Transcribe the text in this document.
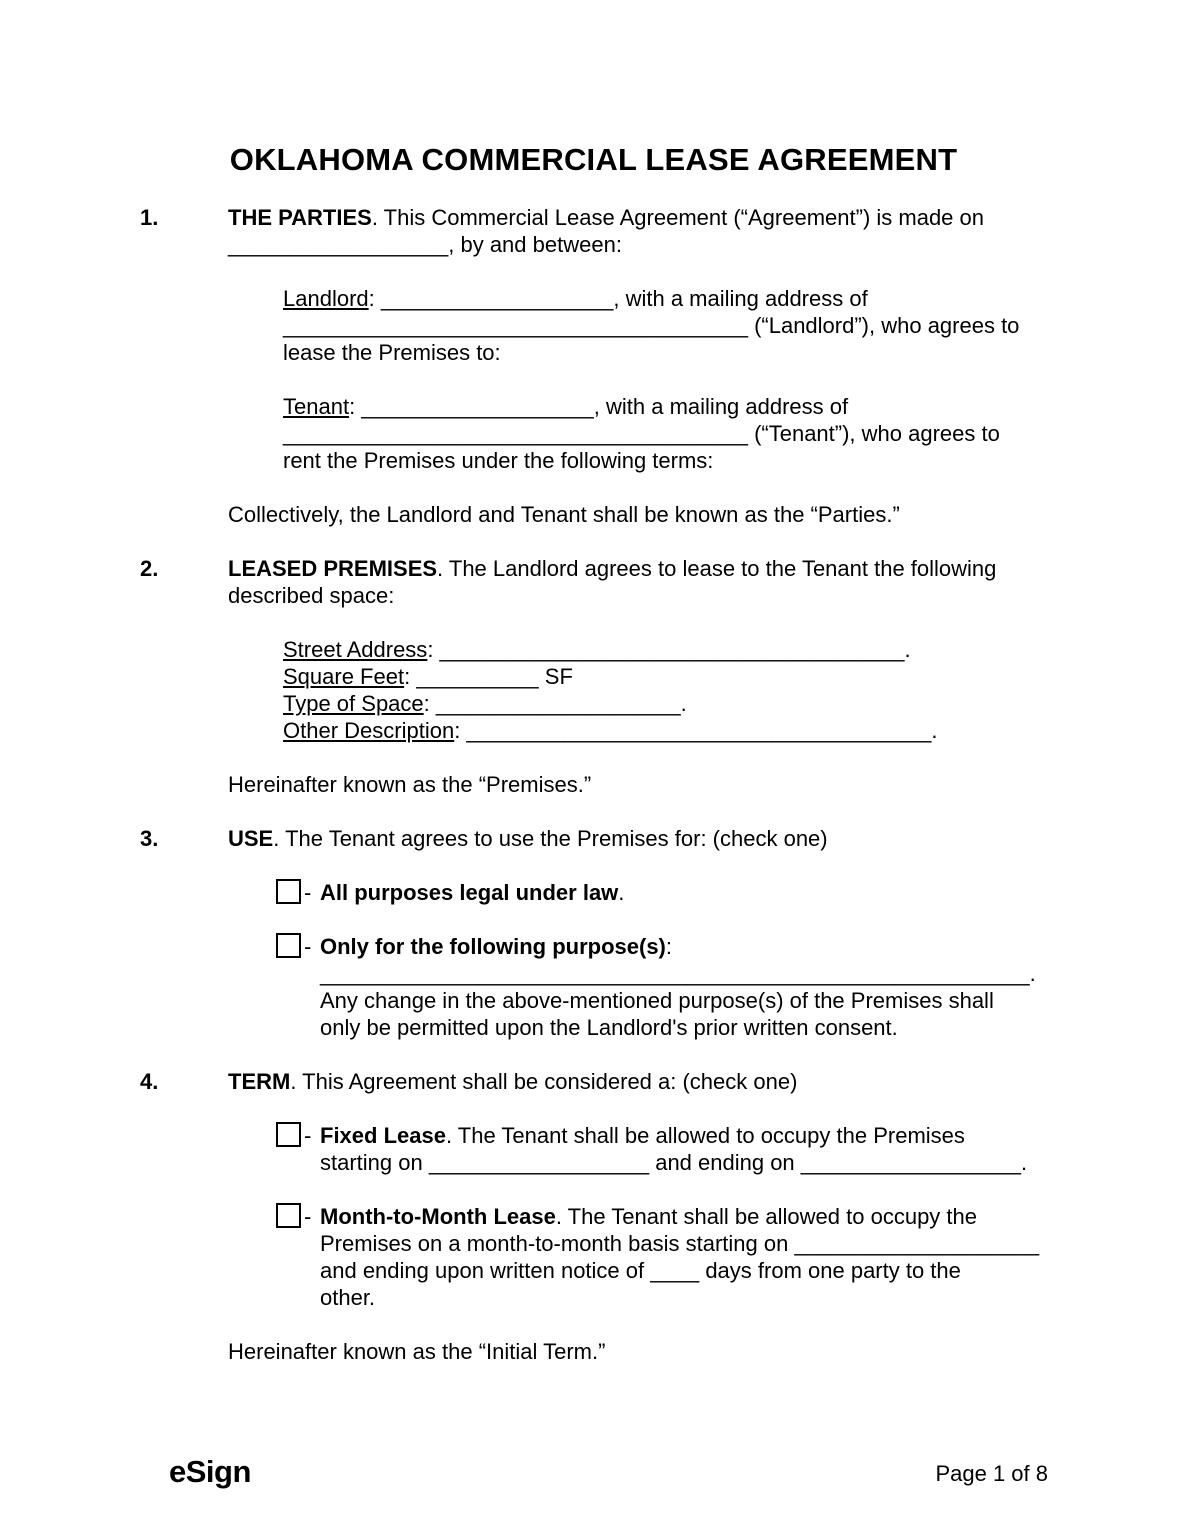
OKLAHOMA COMMERCIAL LEASE AGREEMENT
1.	THE PARTIES. This Commercial Lease Agreement (“Agreement”) is made on
__________________, by and between:
Landlord: ___________________, with a mailing address of
______________________________________ (“Landlord”), who agrees to
lease the Premises to:
Tenant: ___________________, with a mailing address of
______________________________________ (“Tenant”), who agrees to
rent the Premises under the following terms:
Collectively, the Landlord and Tenant shall be known as the “Parties.”
2.	LEASED PREMISES. The Landlord agrees to lease to the Tenant the following
described space:
Street Address: ______________________________________.
Square Feet: __________ SF
Type of Space: ____________________.
Other Description: ______________________________________.
Hereinafter known as the “Premises.”
3.	USE. The Tenant agrees to use the Premises for: (check one)
- All purposes legal under law.
- Only for the following purpose(s):
__________________________________________________________.
Any change in the above-mentioned purpose(s) of the Premises shall
only be permitted upon the Landlord's prior written consent.
4.	TERM. This Agreement shall be considered a: (check one)
- Fixed Lease. The Tenant shall be allowed to occupy the Premises
starting on __________________ and ending on __________________.
- Month-to-Month Lease. The Tenant shall be allowed to occupy the
Premises on a month-to-month basis starting on ____________________
and ending upon written notice of ____ days from one party to the
other.
Hereinafter known as the “Initial Term.”
eSign	Page 1 of 8
